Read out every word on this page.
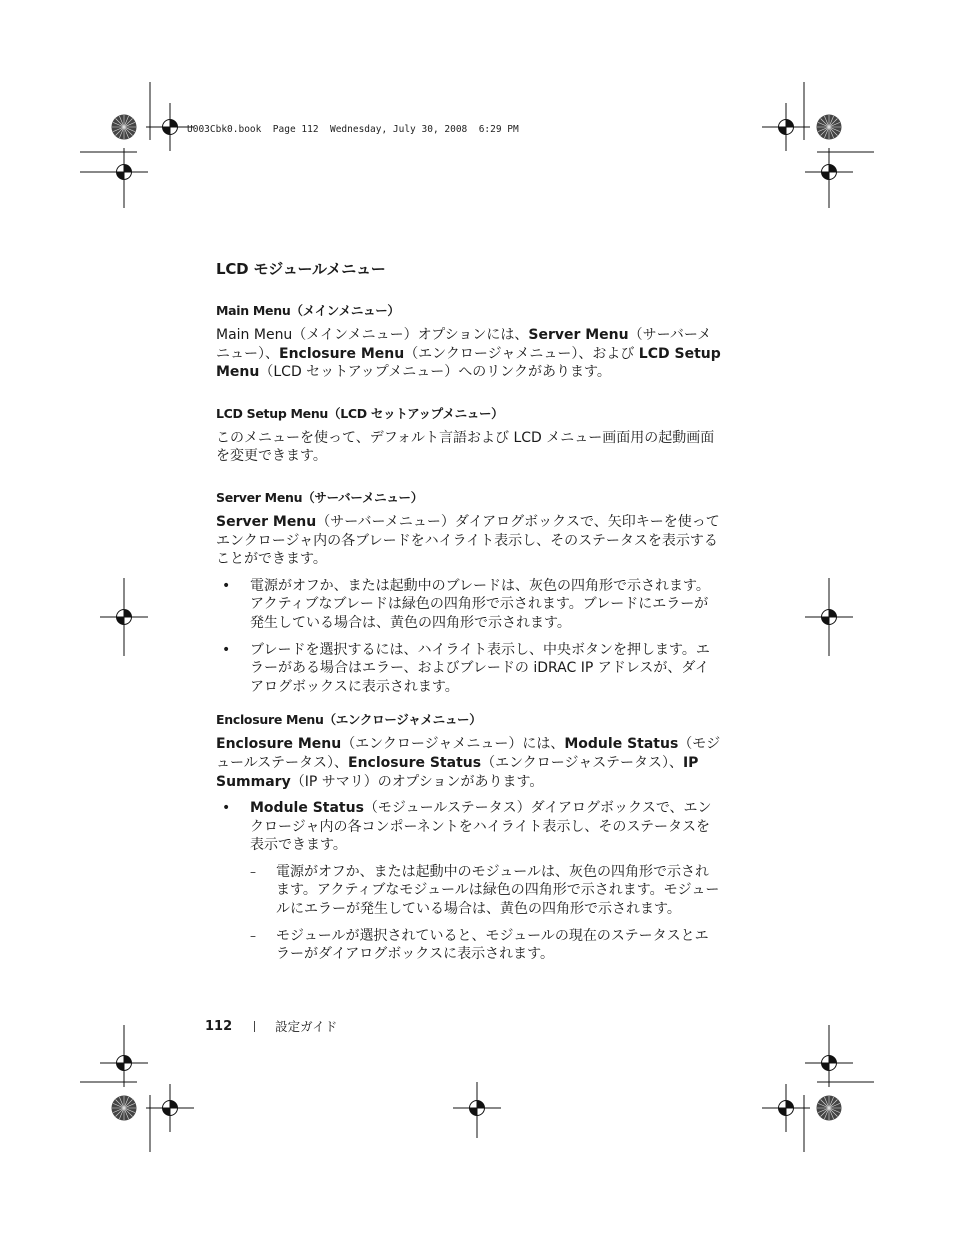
U003Cbk0.book  Page 112  Wednesday, July 30, 2008  6:29 PM
LCD モジュールメニュー
Main Menu（メインメニュー）

Main Menu（メインメニュー）オプションには、Server Menu（サーバーメニュー）、Enclosure Menu（エンクロージャメニュー）、および LCD Setup Menu（LCD セットアップメニュー）へのリンクがあります。

LCD Setup Menu（LCD セットアップメニュー）

このメニューを使って、デフォルト言語および LCD メニュー画面用の起動画面を変更できます。

Server Menu（サーバーメニュー）

Server Menu（サーバーメニュー）ダイアログボックスで、矢印キーを使ってエンクロージャ内の各ブレードをハイライト表示し、そのステータスを表示することができます。

• 電源がオフか、または起動中のブレードは、灰色の四角形で示されます。アクティブなブレードは緑色の四角形で示されます。ブレードにエラーが発生している場合は、黄色の四角形で示されます。
• ブレードを選択するには、ハイライト表示し、中央ボタンを押します。エラーがある場合はエラー、およびブレードの iDRAC IP アドレスが、ダイアログボックスに表示されます。
Enclosure Menu（エンクロージャメニュー）

Enclosure Menu（エンクロージャメニュー）には、Module Status（モジュールステータス）、Enclosure Status（エンクロージャステータス）、IP Summary（IP サマリ）のオプションがあります。

• Module Status（モジュールステータス）ダイアログボックスで、エンクロージャ内の各コンポーネントをハイライト表示し、そのステータスを表示できます。
– 電源がオフか、または起動中のモジュールは、灰色の四角形で示されます。アクティブなモジュールは緑色の四角形で示されます。モジュールにエラーが発生している場合は、黄色の四角形で示されます。
– モジュールが選択されていると、モジュールの現在のステータスとエラーがダイアログボックスに表示されます。
112	設定ガイド
